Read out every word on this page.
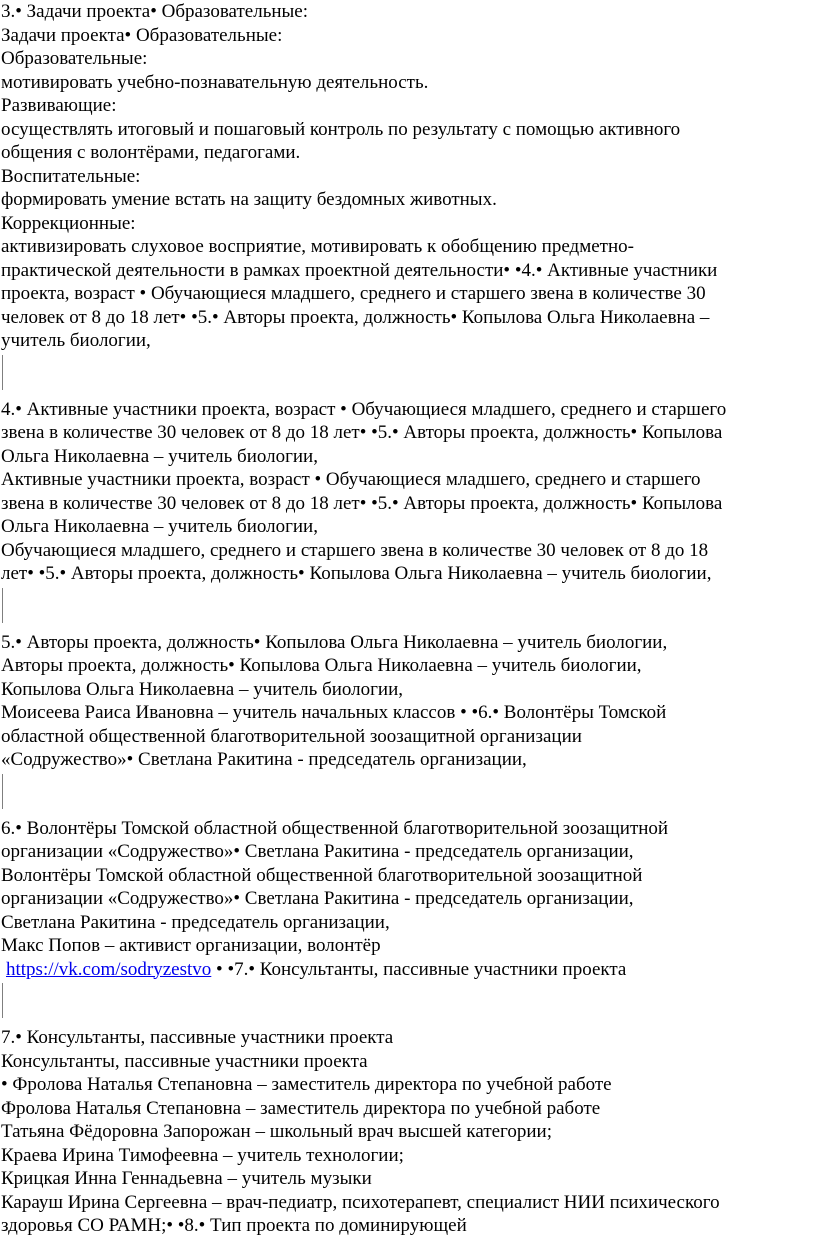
3.• Задачи проекта• Образовательные:
Задачи проекта• Образовательные:
Образовательные:
мотивировать учебно-познавательную деятельность.
Развивающие:
осуществлять итоговый и пошаговый контроль по результату с помощью активного
общения с волонтёрами, педагогами.
Воспитательные:
формировать умение встать на защиту бездомных животных.
Коррекционные:
активизировать слуховое восприятие, мотивировать к обобщению предметно-
практической деятельности в рамках проектной деятельности• •4.• Активные участники
проекта, возраст • Обучающиеся младшего, среднего и старшего звена в количестве 30
человек от 8 до 18 лет• •5.• Авторы проекта, должность• Копылова Ольга Николаевна –
учитель биологии,
4.• Активные участники проекта, возраст • Обучающиеся младшего, среднего и старшего
звена в количестве 30 человек от 8 до 18 лет• •5.• Авторы проекта, должность• Копылова
Ольга Николаевна – учитель биологии,
Активные участники проекта, возраст • Обучающиеся младшего, среднего и старшего
звена в количестве 30 человек от 8 до 18 лет• •5.• Авторы проекта, должность• Копылова
Ольга Николаевна – учитель биологии,
Обучающиеся младшего, среднего и старшего звена в количестве 30 человек от 8 до 18
лет• •5.• Авторы проекта, должность• Копылова Ольга Николаевна – учитель биологии,
5.• Авторы проекта, должность• Копылова Ольга Николаевна – учитель биологии,
Авторы проекта, должность• Копылова Ольга Николаевна – учитель биологии,
Копылова Ольга Николаевна – учитель биологии,
Моисеева Раиса Ивановна – учитель начальных классов • •6.• Волонтёры Томской
областной общественной благотворительной зоозащитной организации
«Содружество»• Светлана Ракитина - председатель организации,
6.• Волонтёры Томской областной общественной благотворительной зоозащитной
организации «Содружество»• Светлана Ракитина - председатель организации,
Волонтёры Томской областной общественной благотворительной зоозащитной
организации «Содружество»• Светлана Ракитина - председатель организации,
Светлана Ракитина - председатель организации,
Макс Попов – активист организации, волонтёр
https://vk.com/sodryzestvo • •7.• Консультанты, пассивные участники проекта
7.• Консультанты, пассивные участники проекта
Консультанты, пассивные участники проекта
• Фролова Наталья Степановна – заместитель директора по учебной работе
Фролова Наталья Степановна – заместитель директора по учебной работе
Татьяна Фёдоровна Запорожан – школьный врач высшей категории;
Краева Ирина Тимофеевна – учитель технологии;
Крицкая Инна Геннадьевна – учитель музыки
Карауш Ирина Сергеевна – врач-педиатр, психотерапевт, специалист НИИ психического
здоровья СО РАМН;• •8.• Тип проекта по доминирующей
